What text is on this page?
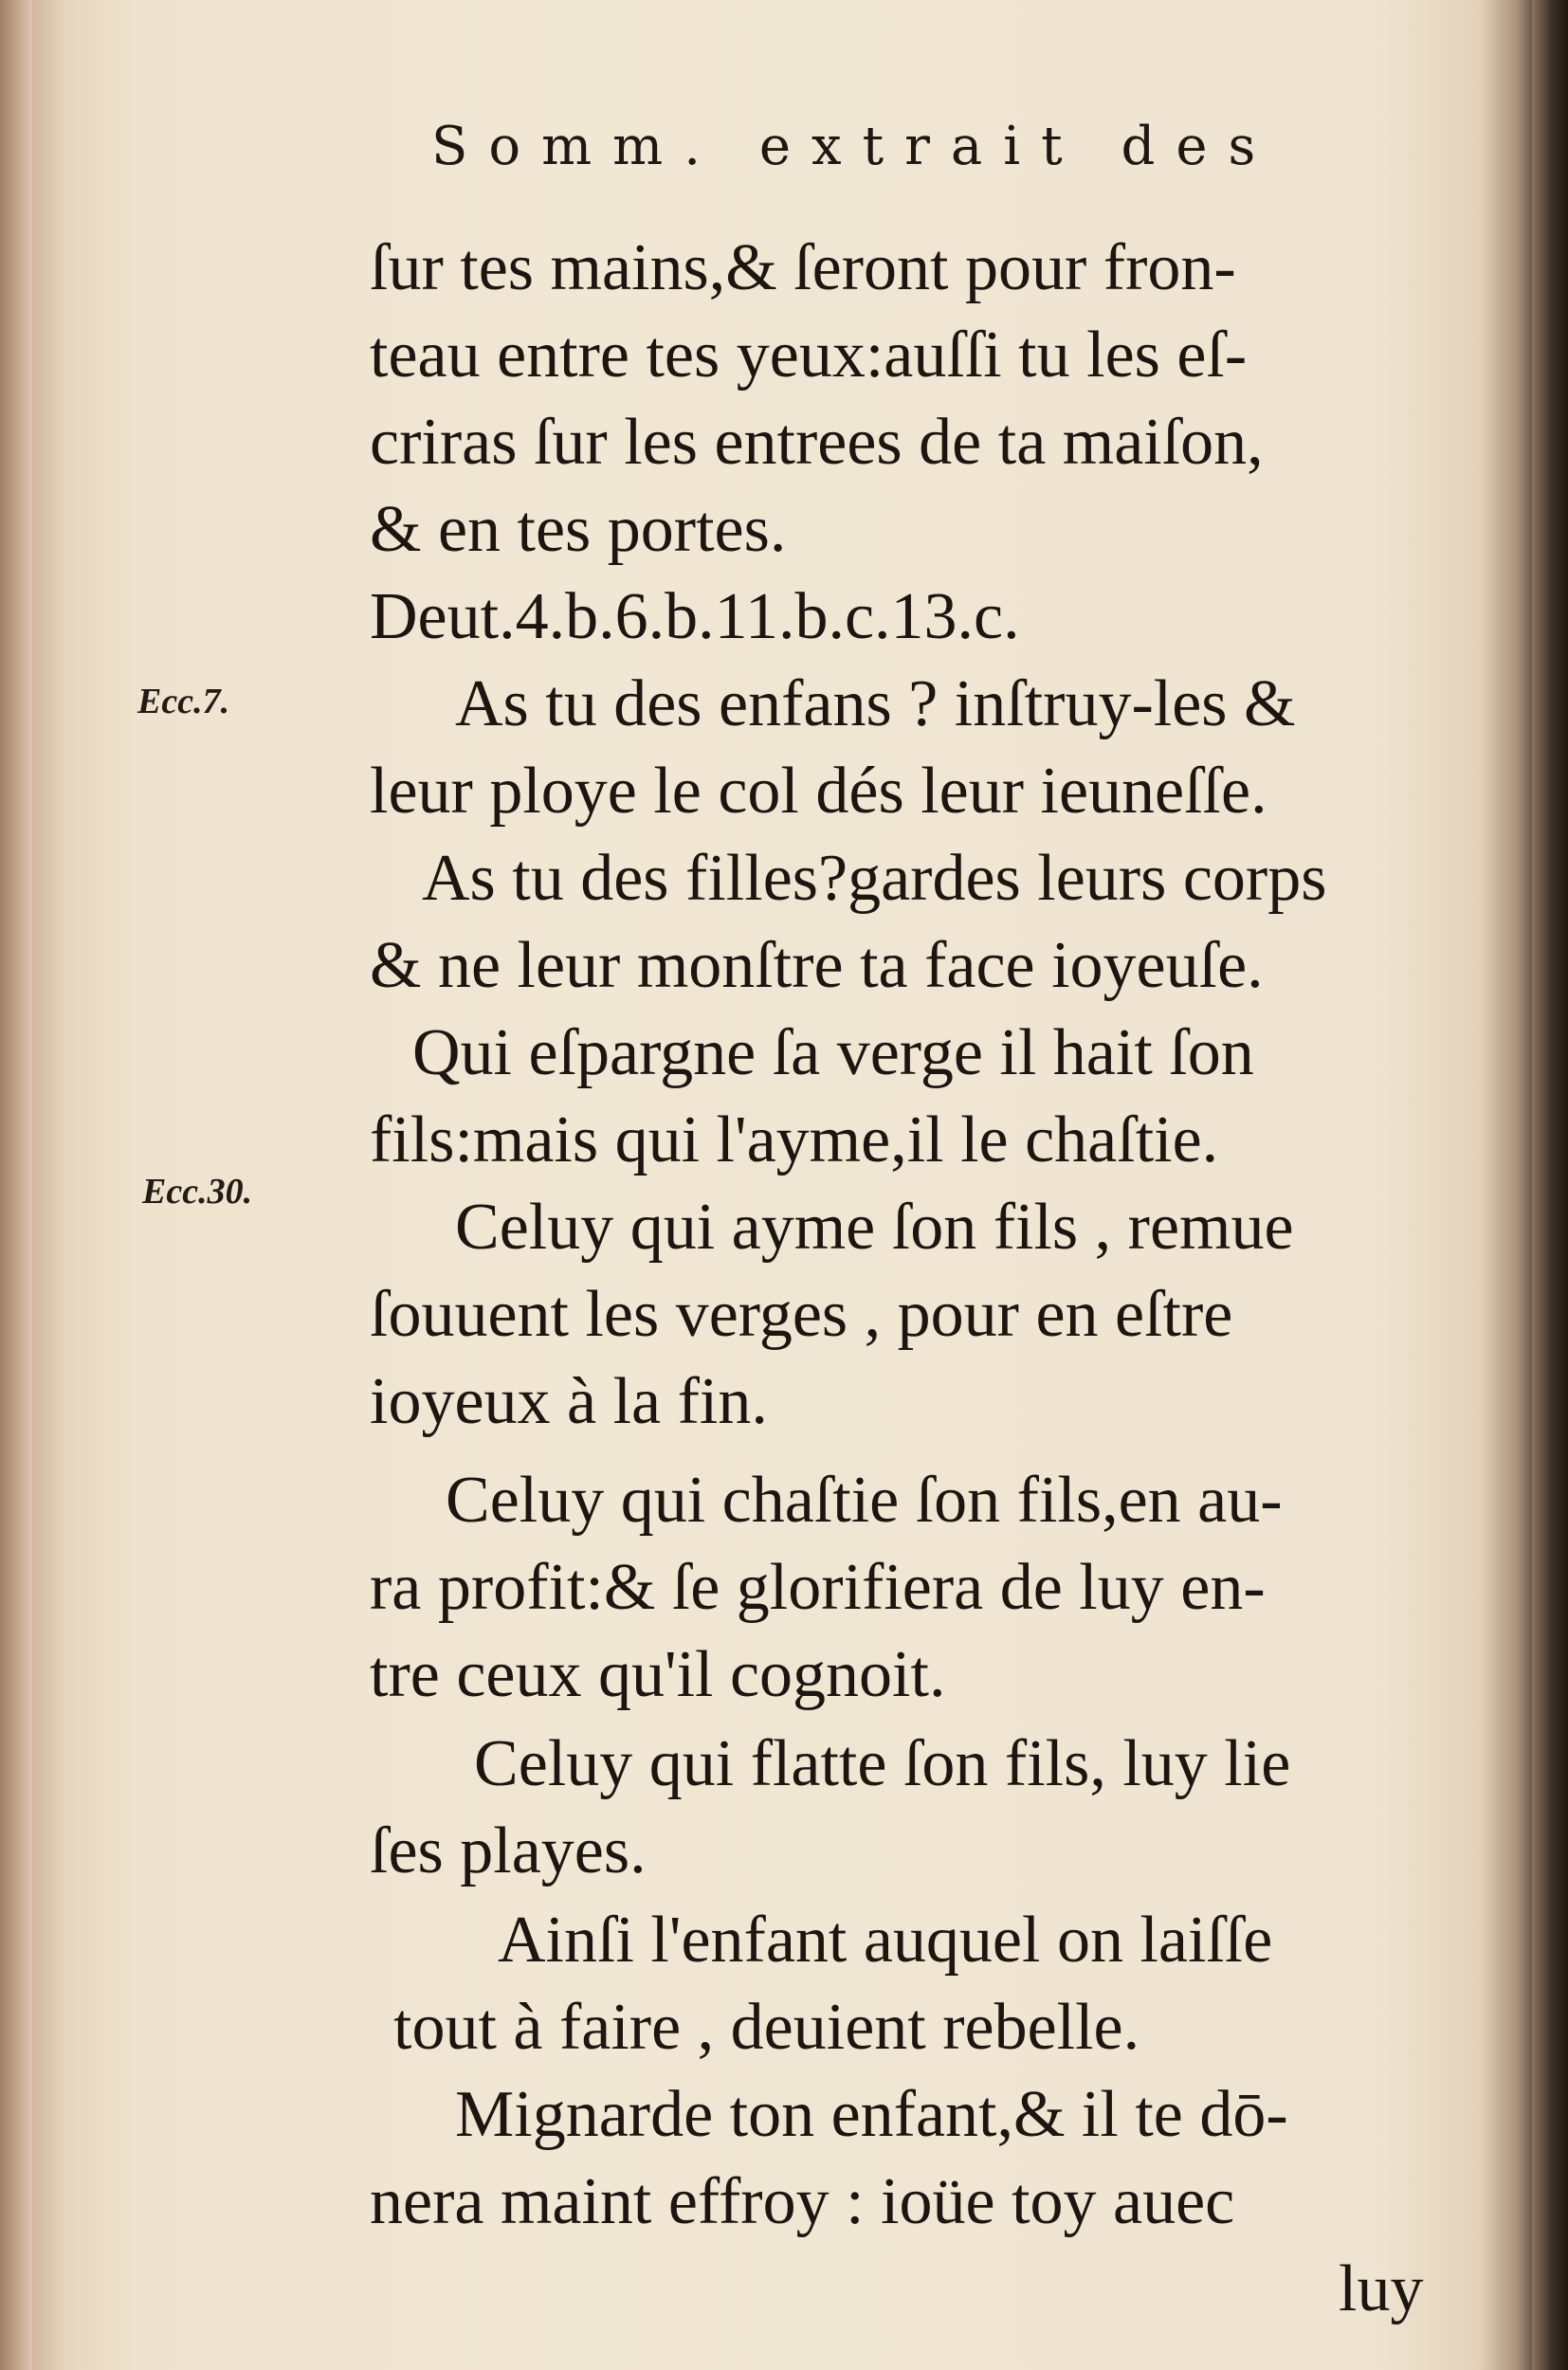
Somm. extrait des
Ecc.7.
Ecc.30.
ſur tes mains,& ſeront pour fron-
teau entre tes yeux:auſſi tu les eſ-
criras ſur les entrees de ta maiſon,
& en tes portes.
Deut.4.b.6.b.11.b.c.13.c.
As tu des enfans ? inſtruy-les &
leur ploye le col dés leur ieuneſſe.
As tu des filles?gardes leurs corps
& ne leur monſtre ta face ioyeuſe.
Qui eſpargne ſa verge il hait ſon
fils:mais qui l'ayme,il le chaſtie.
Celuy qui ayme ſon fils , remue
ſouuent les verges , pour en eſtre
ioyeux à la fin.
Celuy qui chaſtie ſon fils,en au-
ra profit:& ſe glorifiera de luy en-
tre ceux qu'il cognoit.
Celuy qui flatte ſon fils, luy lie
ſes playes.
Ainſi l'enfant auquel on laiſſe
tout à faire , deuient rebelle.
Mignarde ton enfant,& il te dō-
nera maint effroy : ioüe toy auec
luy
